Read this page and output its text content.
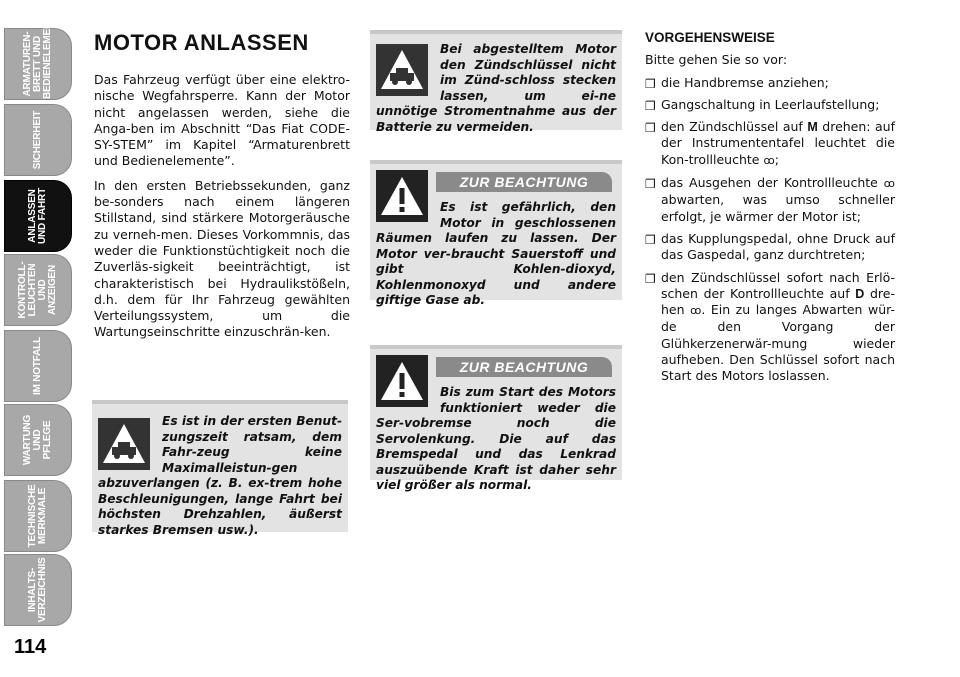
ARMATUREN-
BRETT UND
BEDIENELEMENTE
SICHERHEIT
ANLASSEN
UND FAHRT
KONTROLL-
LEUCHTEN UND
ANZEIGEN
IM NOTFALL
WARTUNG UND
PFLEGE
TECHNISCHE
MERKMALE
INHALTS-
VERZEICHNIS
114
MOTOR ANLASSEN

Das Fahrzeug verfügt über eine elektro-nische Wegfahrsperre. Kann der Motor nicht angelassen werden, siehe die Anga-ben im Abschnitt “Das Fiat CODE-SY-STEM” im Kapitel “Armaturenbrett und Bedienelemente”.

In den ersten Betriebssekunden, ganz be-sonders nach einem längeren Stillstand, sind stärkere Motorgeräusche zu verneh-men. Dieses Vorkommnis, das weder die Funktionstüchtigkeit noch die Zuverläs-sigkeit beeinträchtigt, ist charakteristisch bei Hydraulikstößeln, d.h. dem für Ihr Fahrzeug gewählten Verteilungssystem, um die Wartungseinschritte einzuschrän-ken.

Es ist in der ersten Benut-zungszeit ratsam, dem Fahr-zeug keine Maximalleistun-gen abzuverlangen (z. B. ex-trem hohe Beschleunigungen, lange Fahrt bei höchsten Drehzahlen, äußerst starkes Bremsen usw.).
Bei abgestelltem Motor den Zündschlüssel nicht im Zünd-schloss stecken lassen, um ei-ne unnötige Stromentnahme aus der Batterie zu vermeiden.
ZUR BEACHTUNG
Es ist gefährlich, den Motor in geschlossenen Räumen laufen zu lassen. Der Motor ver-braucht Sauerstoff und gibt Kohlen-dioxyd, Kohlenmonoxyd und andere giftige Gase ab.
ZUR BEACHTUNG
Bis zum Start des Motors funktioniert weder die Ser-vobremse noch die Servolenkung. Die auf das Bremspedal und das Lenkrad auszuübende Kraft ist daher sehr viel größer als normal.
VORGEHENSWEISE
Bitte gehen Sie so vor:
❒ die Handbremse anziehen;
❒ Gangschaltung in Leerlaufstellung;
❒ den Zündschlüssel auf M drehen: auf der Instrumententafel leuchtet die Kon-trollleuchte ꝏ;
❒ das Ausgehen der Kontrollleuchte ꝏ abwarten, was umso schneller erfolgt, je wärmer der Motor ist;
❒ das Kupplungspedal, ohne Druck auf das Gaspedal, ganz durchtreten;
❒ den Zündschlüssel sofort nach Erlö-schen der Kontrollleuchte auf D dre-hen ꝏ. Ein zu langes Abwarten wür-de den Vorgang der Glühkerzenerwär-mung wieder aufheben. Den Schlüssel sofort nach Start des Motors loslassen.
